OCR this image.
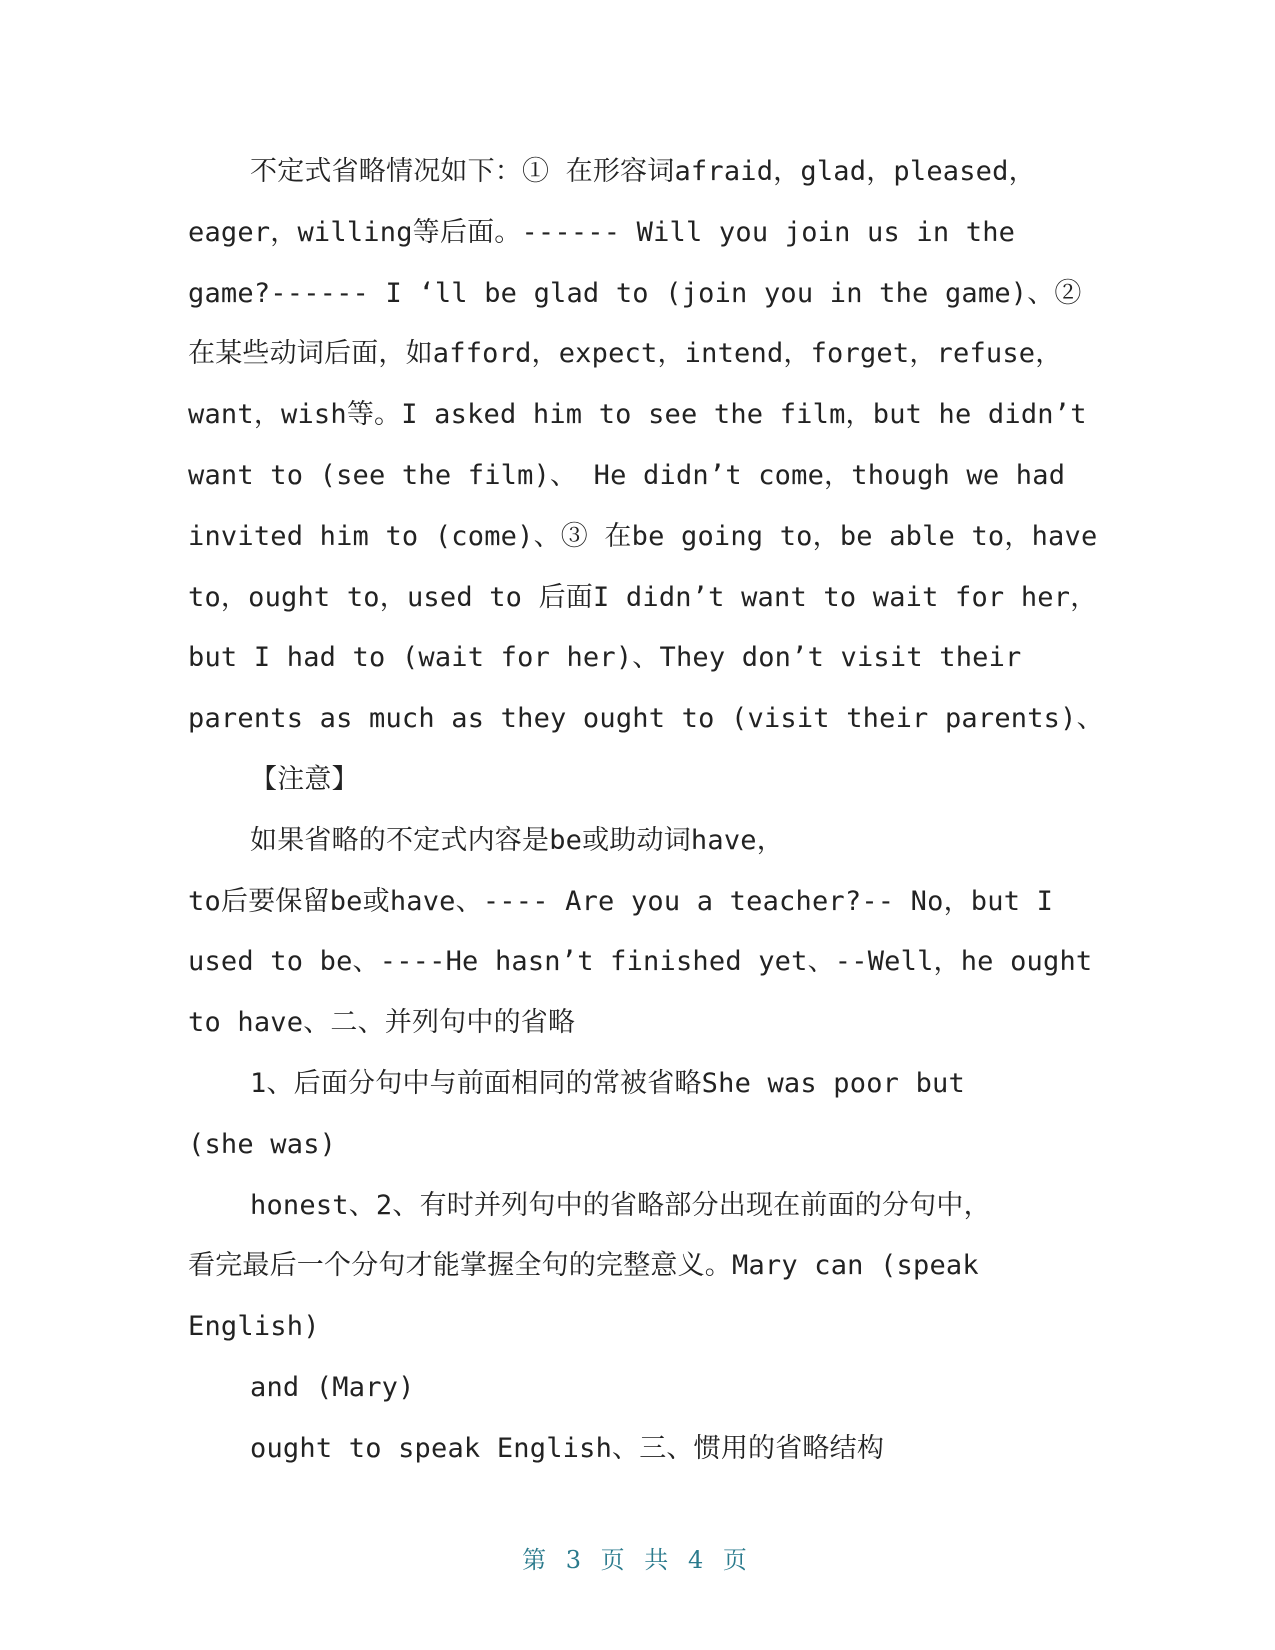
不定式省略情况如下：① 在形容词afraid，glad，pleased，
eager，willing等后面。------ Will you join us in the
game?------ I ‘ll be glad to (join you in the game)、②
在某些动词后面，如afford，expect，intend，forget，refuse，
want，wish等。I asked him to see the film，but he didn’t
want to (see the film)、 He didn’t come，though we had
invited him to (come)、③ 在be going to，be able to，have
to，ought to，used to 后面I didn’t want to wait for her，
but I had to (wait for her)、They don’t visit their
parents as much as they ought to (visit their parents)、
【注意】
如果省略的不定式内容是be或助动词have，
to后要保留be或have、---- Are you a teacher?-- No，but I
used to be、----He hasn’t finished yet、--Well，he ought
to have、二、并列句中的省略
1、后面分句中与前面相同的常被省略She was poor but
(she was)
honest、2、有时并列句中的省略部分出现在前面的分句中，
看完最后一个分句才能掌握全句的完整意义。Mary can (speak
English)
and (Mary)
ought to speak English、三、惯用的省略结构
第 3 页 共 4 页
